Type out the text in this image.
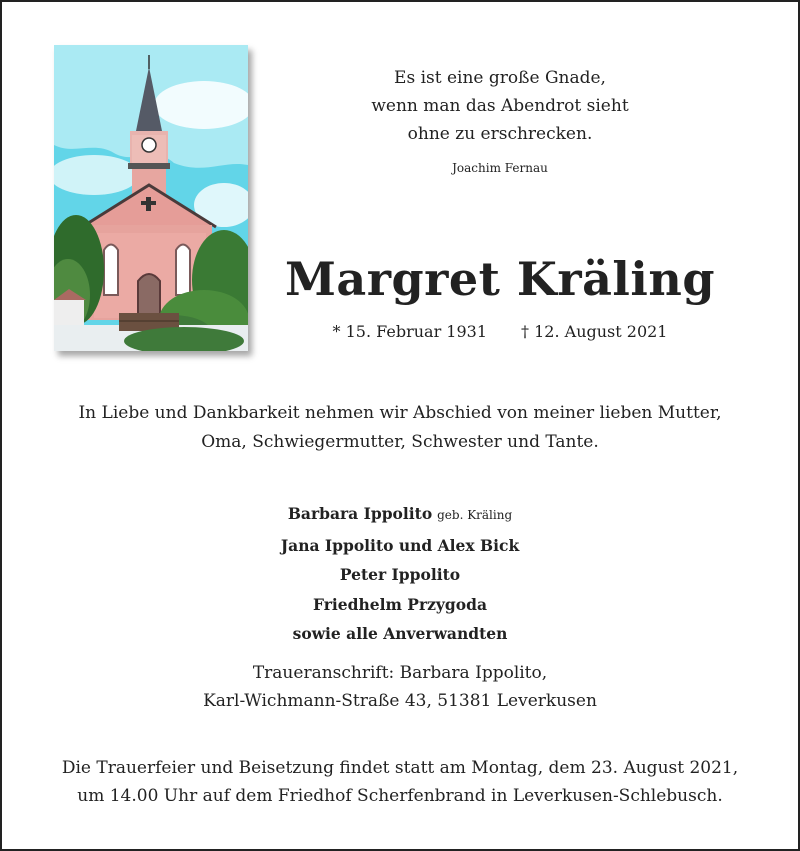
Es ist eine große Gnade,
wenn man das Abendrot sieht
ohne zu erschrecken.
Joachim Fernau
Margret Kräling
* 15. Februar 1931 † 12. August 2021
In Liebe und Dankbarkeit nehmen wir Abschied von meiner lieben Mutter,
Oma, Schwiegermutter, Schwester und Tante.
Barbara Ippolito geb. Kräling
Jana Ippolito und Alex Bick
Peter Ippolito
Friedhelm Przygoda
sowie alle Anverwandten
Traueranschrift: Barbara Ippolito,
Karl-Wichmann-Straße 43, 51381 Leverkusen
Die Trauerfeier und Beisetzung findet statt am Montag, dem 23. August 2021,
um 14.00 Uhr auf dem Friedhof Scherfenbrand in Leverkusen-Schlebusch.
